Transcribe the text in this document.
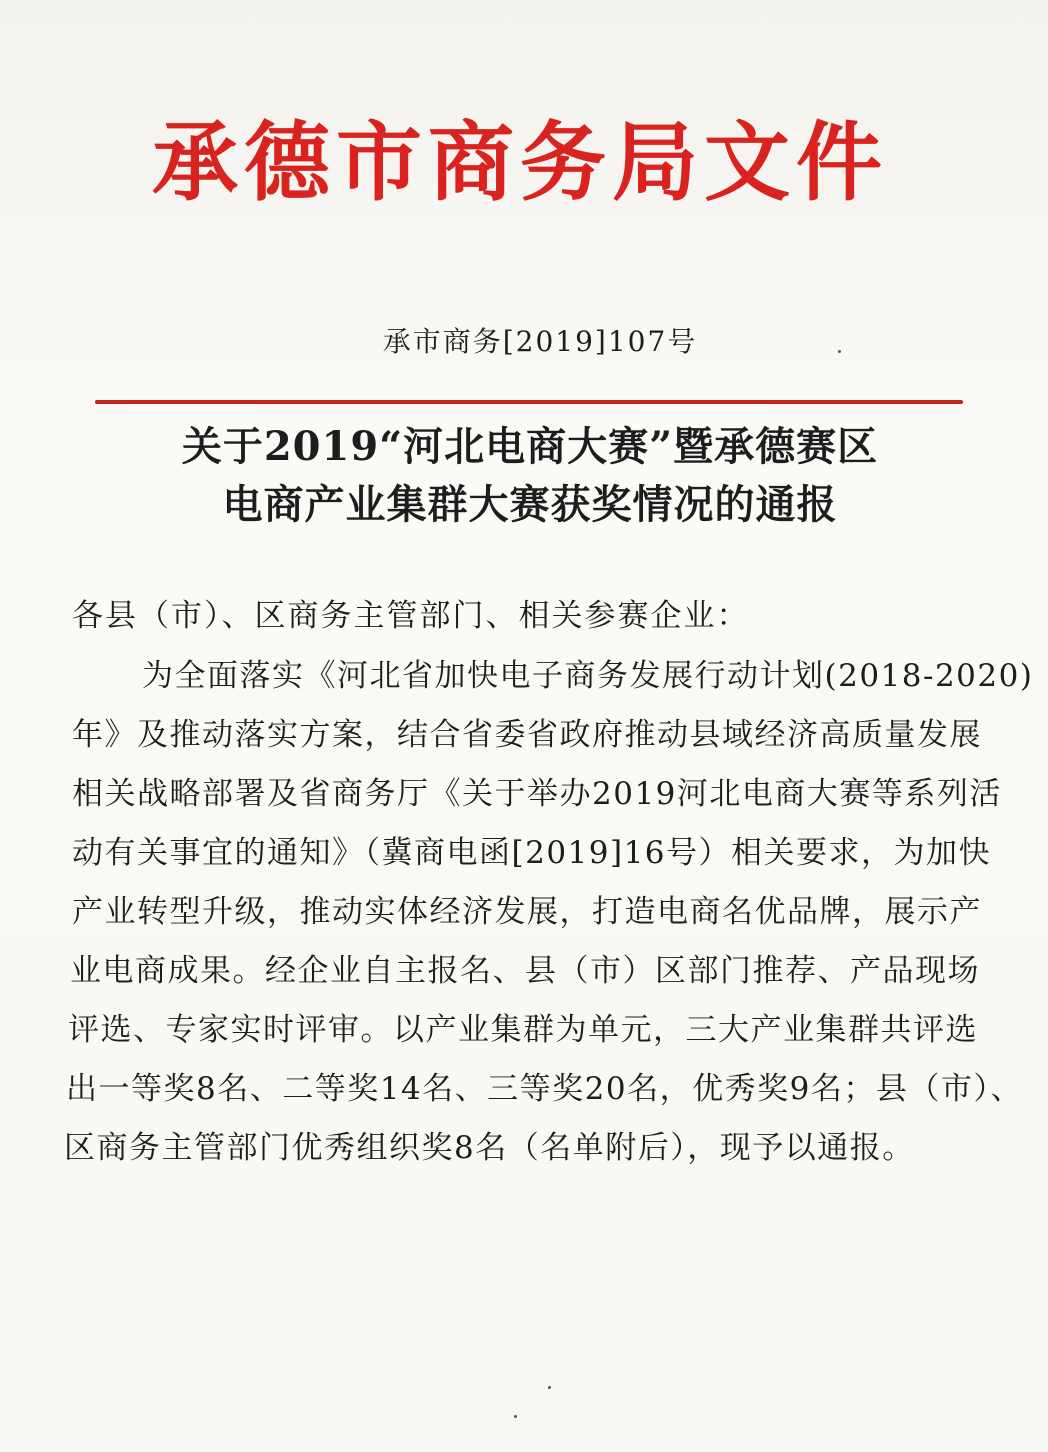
承德市商务局文件
承市商务[2019]107号
关于2019“河北电商大赛”暨承德赛区
电商产业集群大赛获奖情况的通报
各县（市）、区商务主管部门、相关参赛企业：
为全面落实《河北省加快电子商务发展行动计划(2018-2020)
年》及推动落实方案，结合省委省政府推动县域经济高质量发展
相关战略部署及省商务厅《关于举办2019河北电商大赛等系列活
动有关事宜的通知》（冀商电函[2019]16号）相关要求，为加快
产业转型升级，推动实体经济发展，打造电商名优品牌，展示产
业电商成果。经企业自主报名、县（市）区部门推荐、产品现场
评选、专家实时评审。以产业集群为单元，三大产业集群共评选
出一等奖8名、二等奖14名、三等奖20名，优秀奖9名；县（市）、
区商务主管部门优秀组织奖8名（名单附后），现予以通报。
